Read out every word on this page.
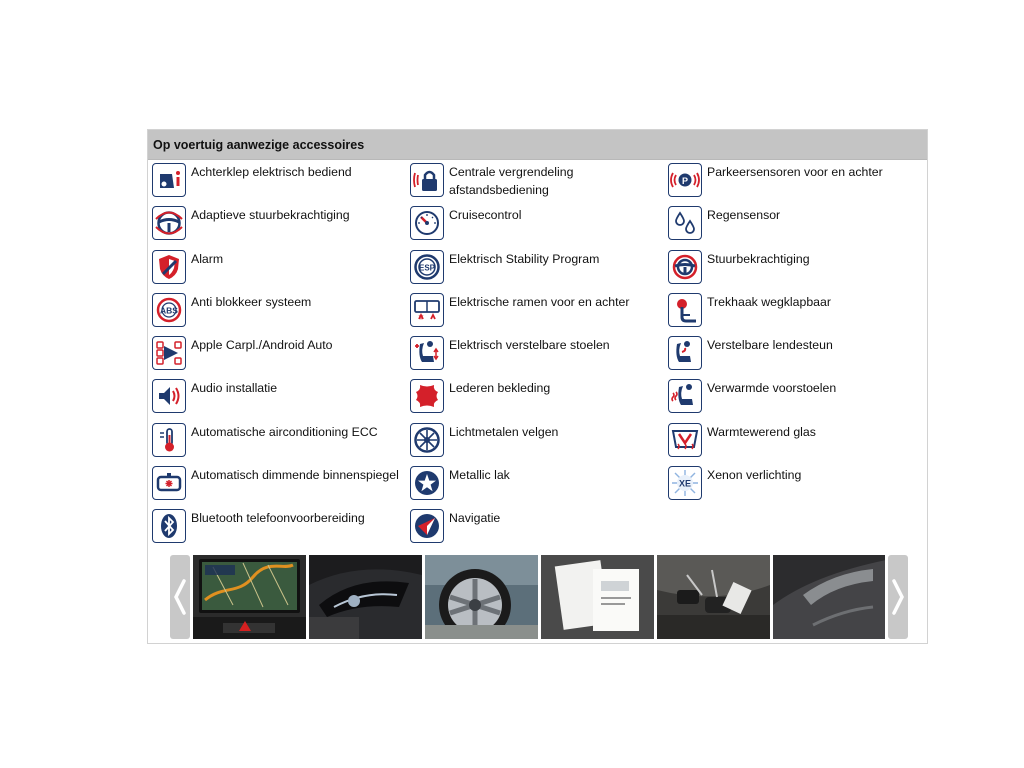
Op voertuig aanwezige accessoires
Achterklep elektrisch bediend
Adaptieve stuurbekrachtiging
Alarm
ABS
Anti blokkeer systeem
Apple Carpl./Android Auto
Audio installatie
Automatische airconditioning ECC
Automatisch dimmende binnenspiegel
Bluetooth telefoonvoorbereiding
Centrale vergrendeling afstandsbediening
Cruisecontrol
ESP
Elektrisch Stability Program
Elektrische ramen voor en achter
Elektrisch verstelbare stoelen
Lederen bekleding
Lichtmetalen velgen
Metallic lak
Navigatie
P
Parkeersensoren voor en achter
Regensensor
Stuurbekrachtiging
Trekhaak wegklapbaar
Verstelbare lendesteun
Verwarmde voorstoelen
Warmtewerend glas
XE
Xenon verlichting
